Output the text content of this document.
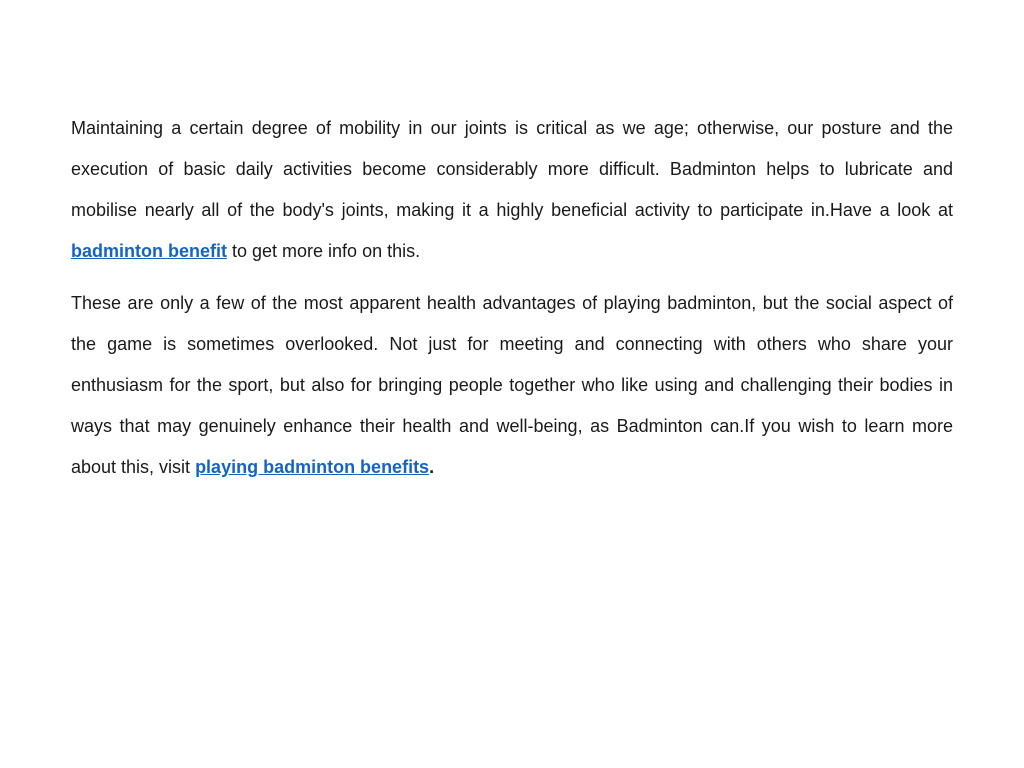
Maintaining a certain degree of mobility in our joints is critical as we age; otherwise, our posture and the execution of basic daily activities become considerably more difficult. Badminton helps to lubricate and mobilise nearly all of the body's joints, making it a highly beneficial activity to participate in.Have a look at badminton benefit to get more info on this.

These are only a few of the most apparent health advantages of playing badminton, but the social aspect of the game is sometimes overlooked. Not just for meeting and connecting with others who share your enthusiasm for the sport, but also for bringing people together who like using and challenging their bodies in ways that may genuinely enhance their health and well-being, as Badminton can.If you wish to learn more about this, visit playing badminton benefits.
